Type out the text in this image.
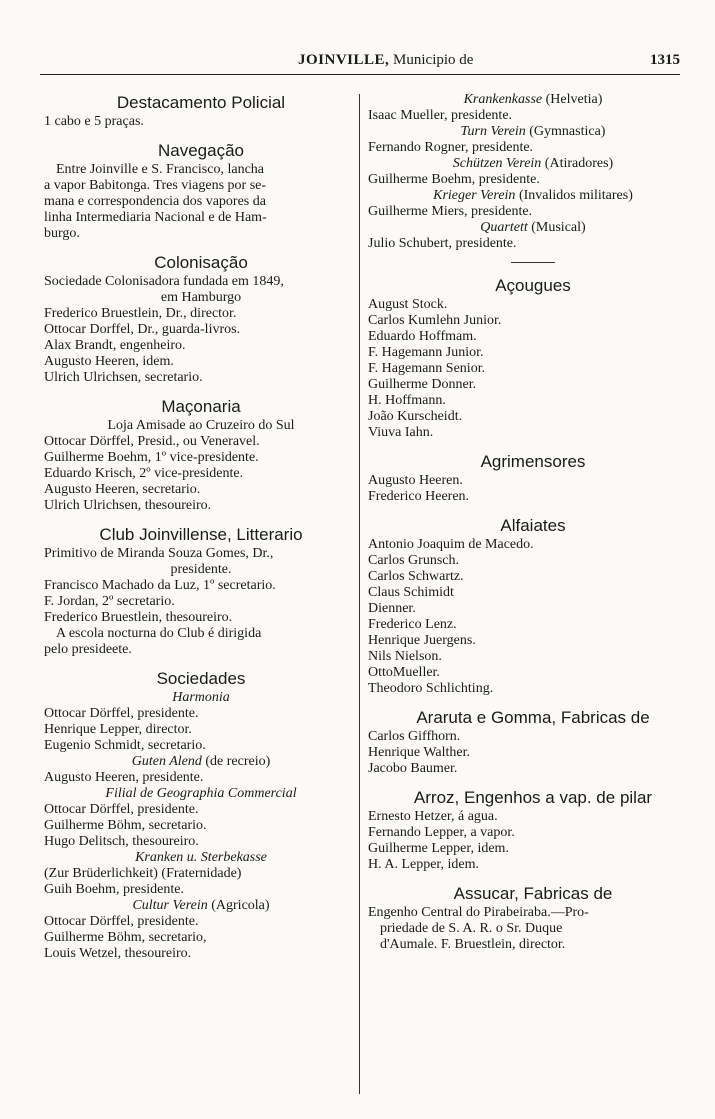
JOINVILLE, Municipio de	1315
Destacamento Policial
1 cabo e 5 praças.
Navegação
Entre Joinville e S. Francisco, lancha
a vapor Babitonga. Tres viagens por se-
mana e correspondencia dos vapores da
linha Intermediaria Nacional e de Ham-
burgo.
Colonisação
Sociedade Colonisadora fundada em 1849,
em Hamburgo
Frederico Bruestlein, Dr., director.
Ottocar Dorffel, Dr., guarda-livros.
Alax Brandt, engenheiro.
Augusto Heeren, idem.
Ulrich Ulrichsen, secretario.
Maçonaria
Loja Amisade ao Cruzeiro do Sul
Ottocar Dörffel, Presid., ou Veneravel.
Guilherme Boehm, 1º vice-presidente.
Eduardo Krisch, 2º vice-presidente.
Augusto Heeren, secretario.
Ulrich Ulrichsen, thesoureiro.
Club Joinvillense, Litterario
Primitivo de Miranda Souza Gomes, Dr.,
presidente.
Francisco Machado da Luz, 1º secretario.
F. Jordan, 2º secretario.
Frederico Bruestlein, thesoureiro.
A escola nocturna do Club é dirigida
pelo presideete.
Sociedades
Harmonia
Ottocar Dörffel, presidente.
Henrique Lepper, director.
Eugenio Schmidt, secretario.
Guten Alend (de recreio)
Augusto Heeren, presidente.
Filial de Geographia Commercial
Ottocar Dörffel, presidente.
Guilherme Böhm, secretario.
Hugo Delitsch, thesoureiro.
Kranken u. Sterbekasse
(Zur Brüderlichkeit) (Fraternidade)
Guih Boehm, presidente.
Cultur Verein (Agricola)
Ottocar Dörffel, presidente.
Guilherme Böhm, secretario,
Louis Wetzel, thesoureiro.
Krankenkasse (Helvetia)
Isaac Mueller, presidente.
Turn Verein (Gymnastica)
Fernando Rogner, presidente.
Schützen Verein (Atiradores)
Guilherme Boehm, presidente.
Krieger Verein (Invalidos militares)
Guilherme Miers, presidente.
Quartett (Musical)
Julio Schubert, presidente.
Açougues
August Stock.
Carlos Kumlehn Junior.
Eduardo Hoffmam.
F. Hagemann Junior.
F. Hagemann Senior.
Guilherme Donner.
H. Hoffmann.
João Kurscheidt.
Viuva Iahn.
Agrimensores
Augusto Heeren.
Frederico Heeren.
Alfaiates
Antonio Joaquim de Macedo.
Carlos Grunsch.
Carlos Schwartz.
Claus Schimidt
Dienner.
Frederico Lenz.
Henrique Juergens.
Nils Nielson.
OttoMueller.
Theodoro Schlichting.
Araruta e Gomma, Fabricas de
Carlos Giffhorn.
Henrique Walther.
Jacobo Baumer.
Arroz, Engenhos a vap. de pilar
Ernesto Hetzer, á agua.
Fernando Lepper, a vapor.
Guilherme Lepper, idem.
H. A. Lepper, idem.
Assucar, Fabricas de
Engenho Central do Pirabeiraba.—Pro-
priedade de S. A. R. o Sr. Duque
d'Aumale. F. Bruestlein, director.
